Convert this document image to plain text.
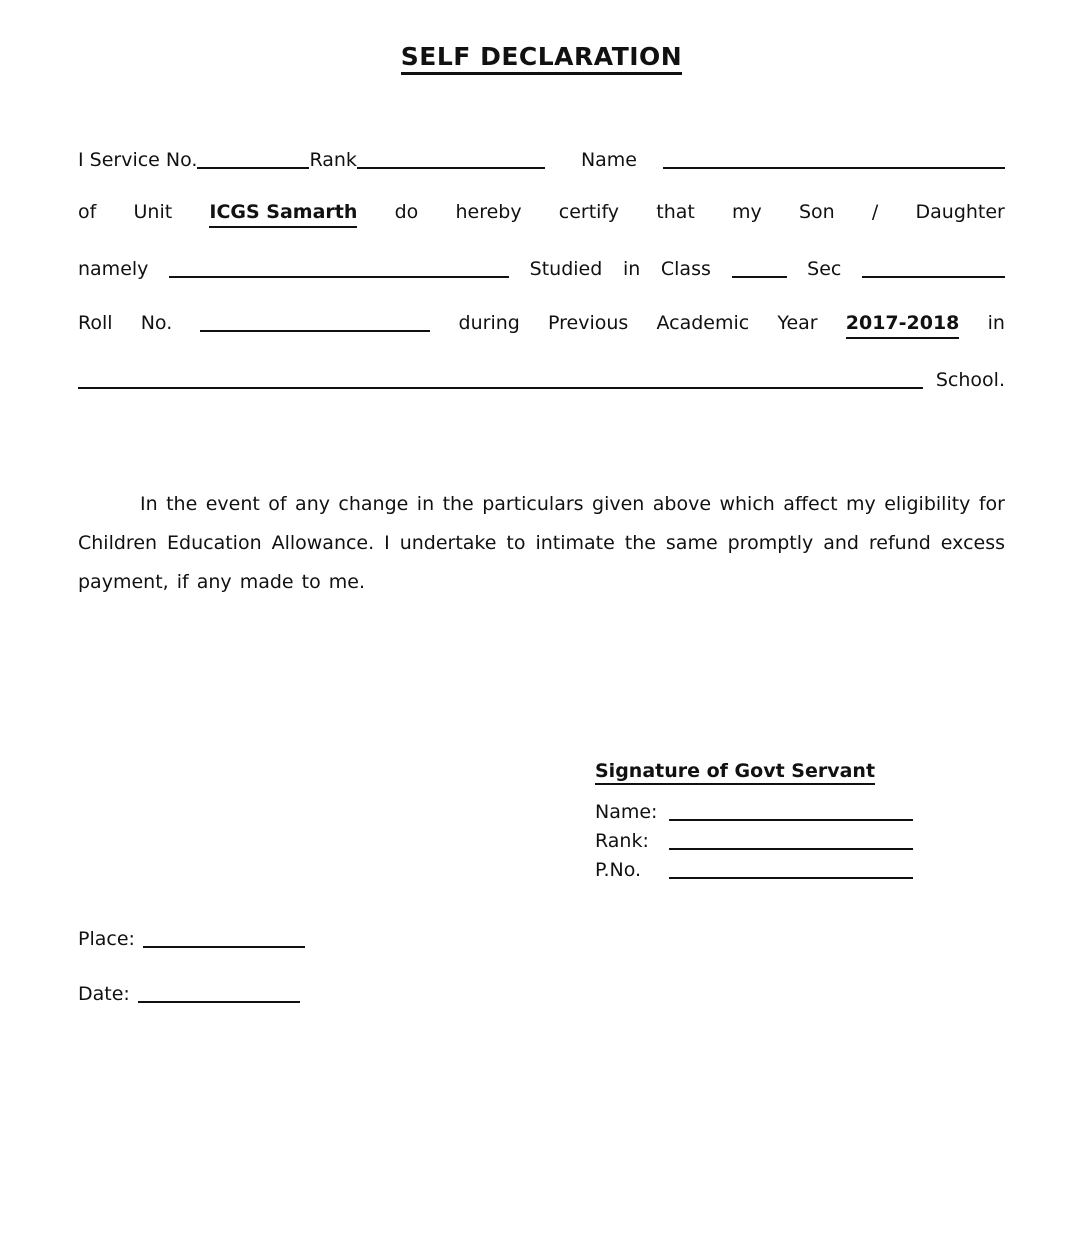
SELF DECLARATION
I Service No.	Rank	Name
of Unit ICGS Samarth do hereby certify that my Son / Daughter
namely	Studied in Class	Sec
Roll No.	during Previous Academic Year 2017-2018 in
School.

In the event of any change in the particulars given above which affect my eligibility for Children Education Allowance. I undertake to intimate the same promptly and refund excess payment, if any made to me.

Signature of Govt Servant
Name:
Rank:
P.No.
Place:
Date:
